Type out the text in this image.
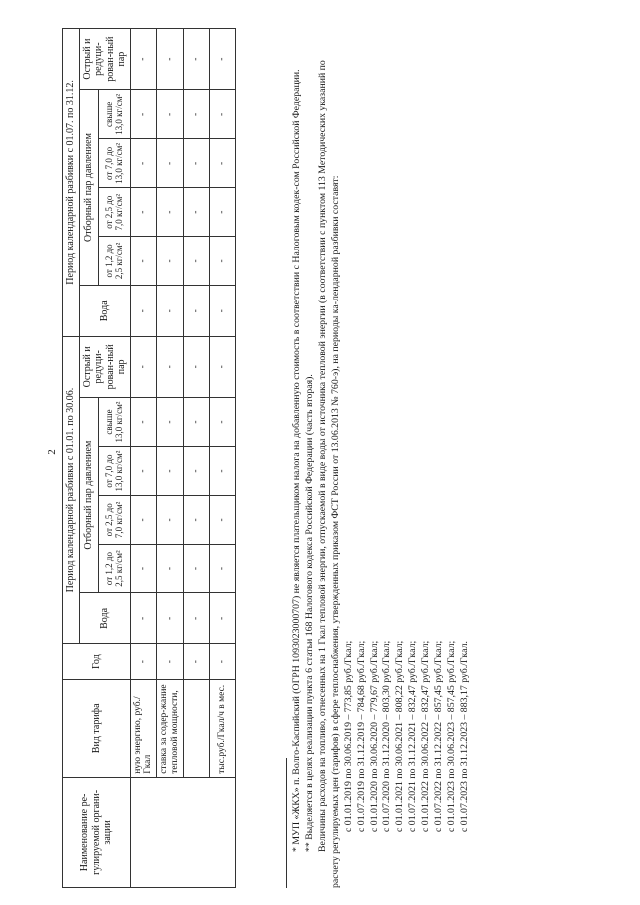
2
Наименование ре-гулируемой органи-зации	Вид тарифа	Год	Период календарной разбивки с 01.01. по 30.06.						Период календарной разбивки с 01.07. по 31.12.					
			Вода	Отборный пар давлением				Острый и редуци-рован-ный пар	Вода	Отборный пар давлением				Острый и редуци-рован-ный пар
				от 1,2 до 2,5 кг/см²	от 2,5 до 7,0 кг/см²	от 7,0 до 13,0 кг/см²	свыше 13,0 кг/см²			от 1,2 до 2,5 кг/см²	от 2,5 до 7,0 кг/см²	от 7,0 до 13,0 кг/см²	свыше 13,0 кг/см²	
	ную энергию, руб./Гкал	-	-	-	-	-	-	-	-	-	-	-	-	-
	ставка за содер-жание тепловой мощности,	-	-	-	-	-	-	-	-	-	-	-	-	-
		-	-	-	-	-	-	-	-	-	-	-	-	-
	тыс.руб./Гкал/ч в мес.	-	-	-	-	-	-	-	-	-	-	-	-	-

* МУП «ЖКХ» п. Волго-Каспийский (ОГРН 1093023000707) не является плательщиком налога на добавленную стоимость в соответствии с Налоговым кодек-сом Российской Федерации. ** Выделяется в целях реализации пункта 6 статьи 168 Налогового кодекса Российской Федерации (часть вторая). Величины расходов на топливо, отнесенных на 1 Гкал тепловой энергии, отпускаемой в виде воды от источника тепловой энергии (в соответствии с пунктом 113 Методических указаний по расчету регулируемых цен (тарифов) в сфере теплоснабжения, утвержденных приказом ФСТ России от 13.06.2013 № 760-э), на периоды ка-лендарной разбивки составят: с 01.01.2019 по 30.06.2019 – 773,85 руб./Гкал; с 01.07.2019 по 31.12.2019 – 784,68 руб./Гкал; с 01.01.2020 по 30.06.2020 – 779,67 руб./Гкал; с 01.07.2020 по 31.12.2020 – 803,30 руб./Гкал; с 01.01.2021 по 30.06.2021 – 808,22 руб./Гкал; с 01.07.2021 по 31.12.2021 – 832,47 руб./Гкал; с 01.01.2022 по 30.06.2022 – 832,47 руб./Гкал; с 01.07.2022 по 31.12.2022 – 857,45 руб./Гкал; с 01.01.2023 по 30.06.2023 – 857,45 руб./Гкал; с 01.07.2023 по 31.12.2023 – 883,17 руб./Гкал.
